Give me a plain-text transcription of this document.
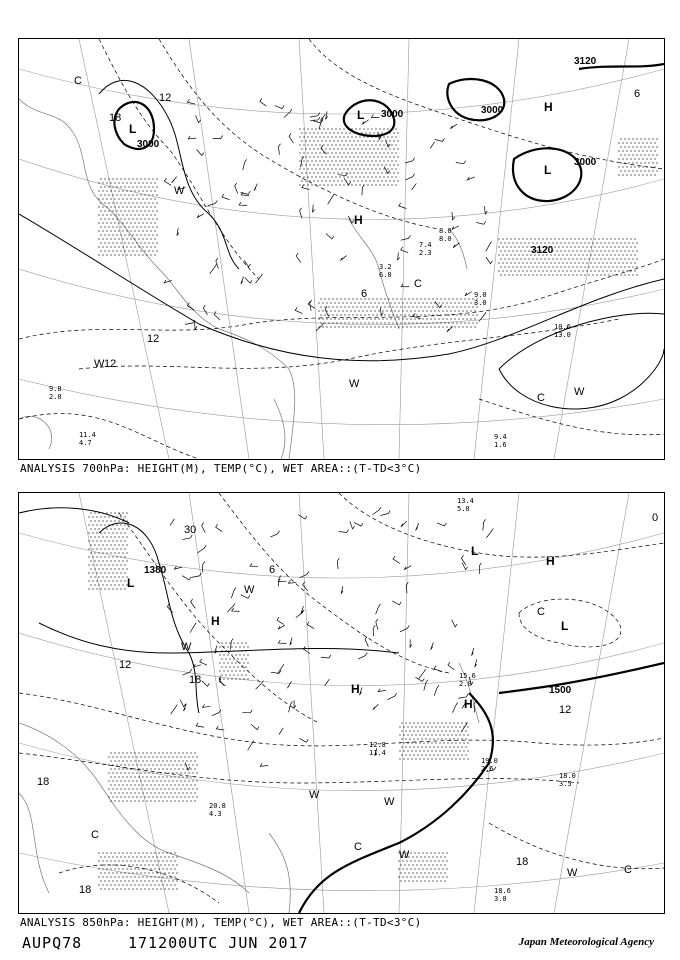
3000
3000	3000
3000
3120
3120
L
L
L
H
H
C
C
C
W
W
W
W
12
12
18
6
6
12
10.6
13.0
9.4
1.6
11.4
4.7
9.0
3.0
8.0
8.0
3.2
6.0
7.4
2.3
9.8
2.0
ANALYSIS 700hPa: HEIGHT(M), TEMP(°C), WET AREA::(T-TD<3°C)
1380
1500
L
L
L
H
H
H
H
C
C
C
C
W
W
W
W
W
W
30
18
18
18
12
12
6
0
18
18.6
3.0
20.8
4.3
19.0
2.6
18.0
3.5
13.4
5.0
15.6
2.0
12.8
11.4
ANALYSIS 850hPa: HEIGHT(M), TEMP(°C), WET AREA::(T-TD<3°C)
AUPQ78	171200UTC JUN 2017	Japan Meteorological Agency
